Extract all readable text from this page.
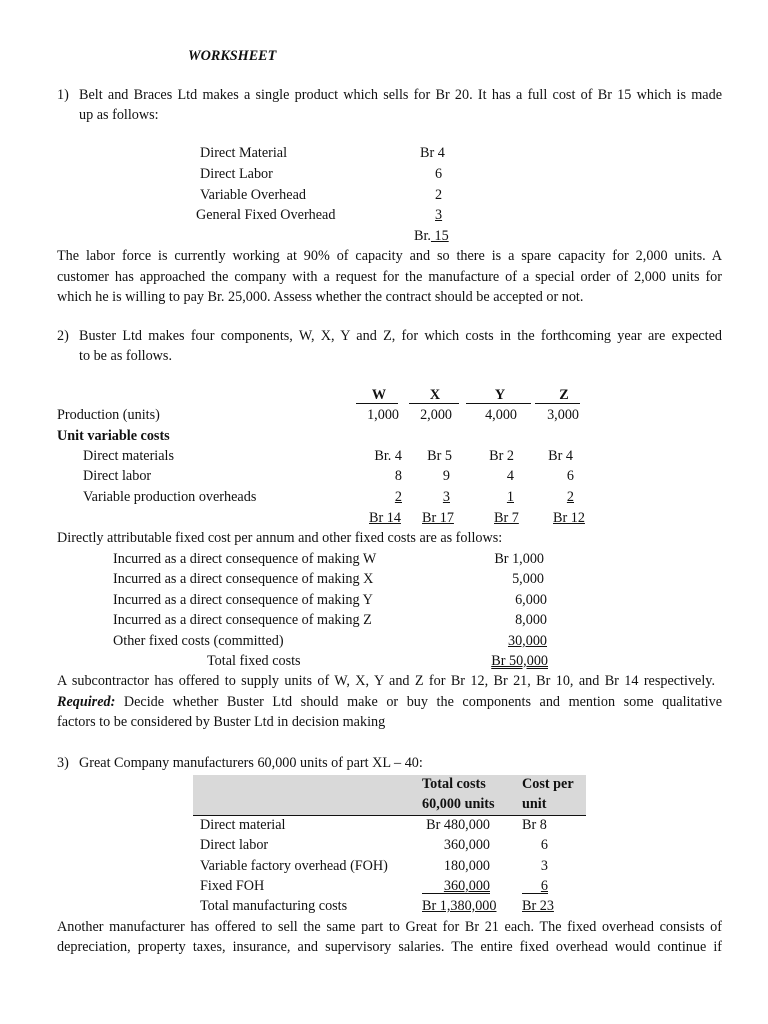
WORKSHEET
1) Belt and Braces Ltd makes a single product which sells for Br 20. It has a full cost of Br 15 which is made
up as follows:
Direct Material	Br 4
Direct Labor	6
Variable Overhead	2
General Fixed Overhead	3
Br. 15
The labor force is currently working at 90% of capacity and so there is a spare capacity for 2,000 units. A
customer has approached the company with a request for the manufacture of a special order of 2,000 units for
which he is willing to pay Br. 25,000. Assess whether the contract should be accepted or not.
2) Buster Ltd makes four components, W, X, Y and Z, for which costs in the forthcoming year are expected
to be as follows.
W	X	Y	Z
Production (units)	1,000	2,000	4,000	3,000
Unit variable costs
Direct materials	Br. 4	Br 5	Br 2	Br 4
Direct labor	8	9	4	6
Variable production overheads	2	3	1	2
Br 14 Br 17	Br 7 Br 12
Directly attributable fixed cost per annum and other fixed costs are as follows:
Incurred as a direct consequence of making W	Br 1,000
Incurred as a direct consequence of making X	5,000
Incurred as a direct consequence of making Y	6,000
Incurred as a direct consequence of making Z	8,000
Other fixed costs (committed)	30,000
Total fixed costs	Br 50,000
A subcontractor has offered to supply units of W, X, Y and Z for Br 12, Br 21, Br 10, and Br 14 respectively.
Required: Decide whether Buster Ltd should make or buy the components and mention some qualitative
factors to be considered by Buster Ltd in decision making
3) Great Company manufacturers 60,000 units of part XL – 40:
Total costs
60,000 units
Cost per
unit
Direct material	Br 480,000 Br 8
Direct labor	360,000	6
Variable factory overhead (FOH)	180,000	3
Fixed FOH	360,000	6
Total manufacturing costs	Br 1,380,000 Br 23
Another manufacturer has offered to sell the same part to Great for Br 21 each. The fixed overhead consists of
depreciation, property taxes, insurance, and supervisory salaries. The entire fixed overhead would continue if
